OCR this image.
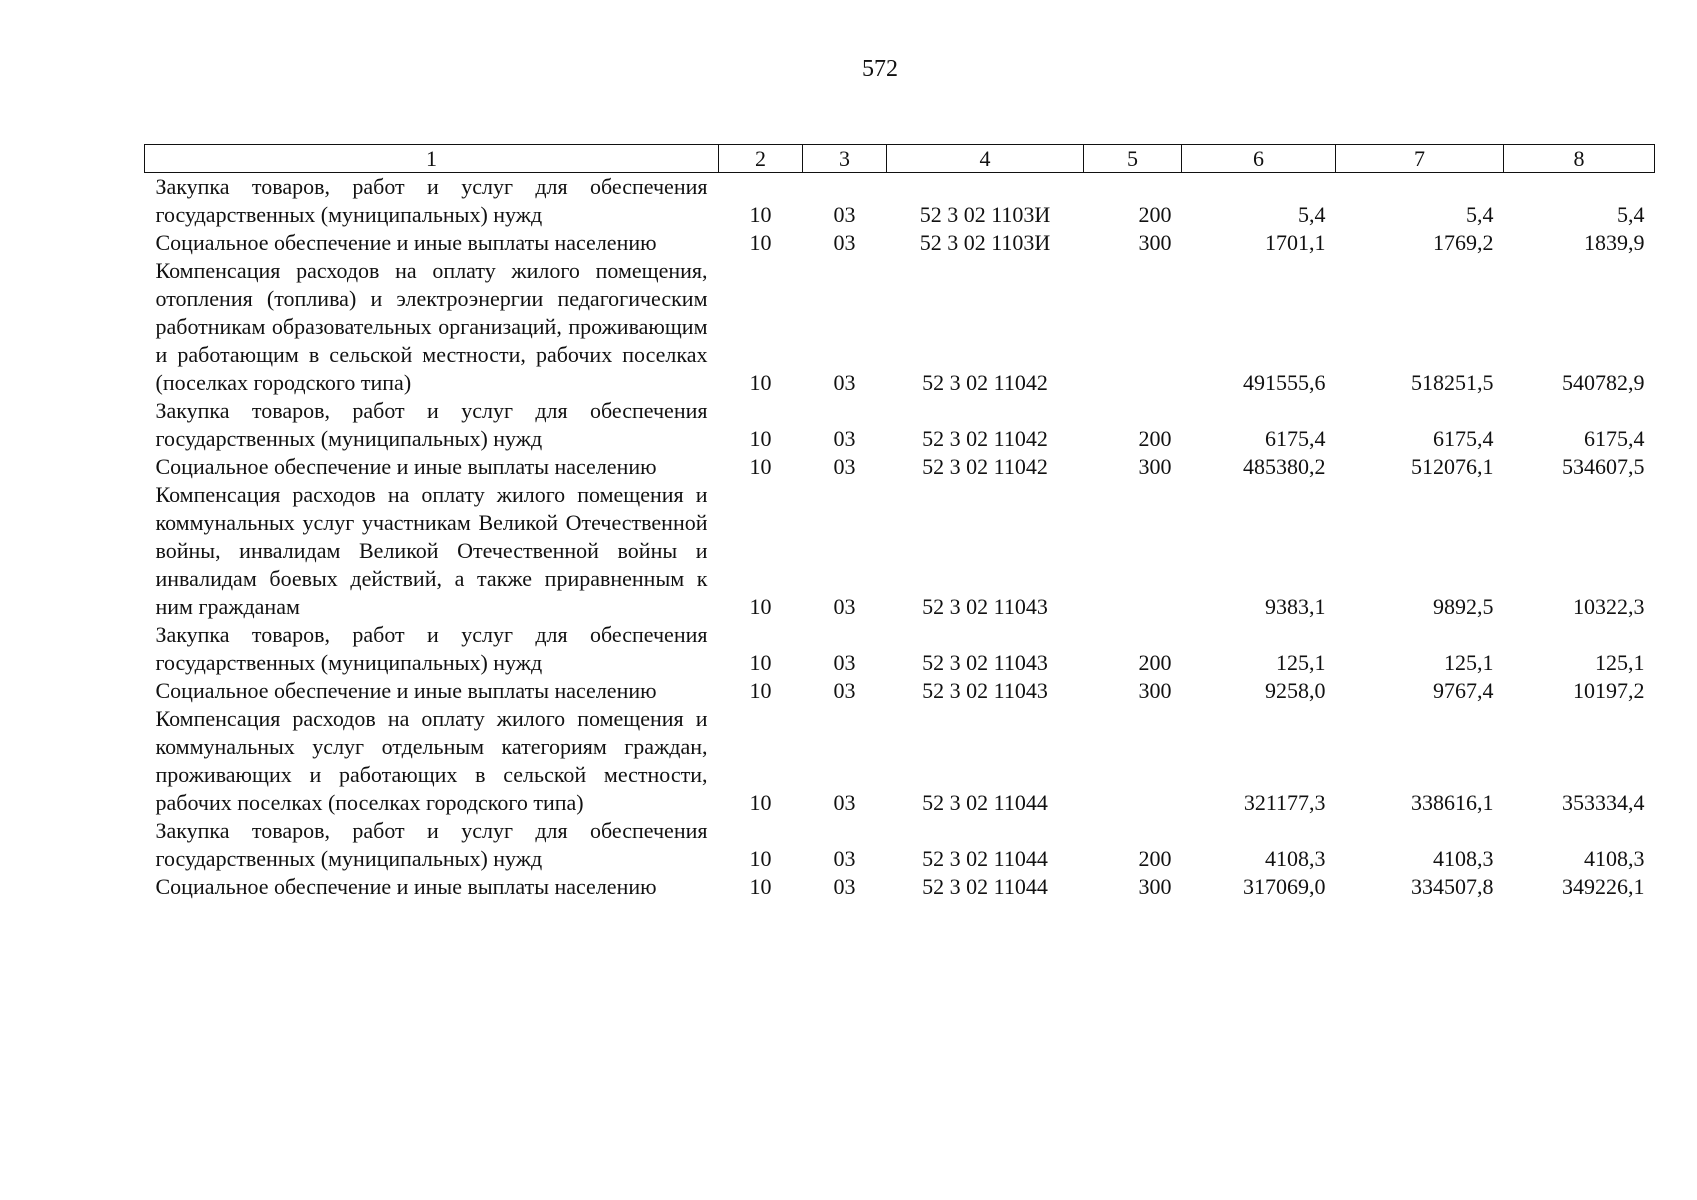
572
1	2	3	4	5	6	7	8
Закупка товаров, работ и услуг для обеспечения государственных (муниципальных) нужд	10	03	52 3 02 1103И	200	5,4	5,4	5,4
Социальное обеспечение и иные выплаты населению	10	03	52 3 02 1103И	300	1701,1	1769,2	1839,9
Компенсация расходов на оплату жилого помещения, отопления (топлива) и электроэнергии педагогическим работникам образовательных организаций, проживающим и работающим в сельской местности, рабочих поселках (поселках городского типа)	10	03	52 3 02 11042		491555,6	518251,5	540782,9
Закупка товаров, работ и услуг для обеспечения государственных (муниципальных) нужд	10	03	52 3 02 11042	200	6175,4	6175,4	6175,4
Социальное обеспечение и иные выплаты населению	10	03	52 3 02 11042	300	485380,2	512076,1	534607,5
Компенсация расходов на оплату жилого помещения и коммунальных услуг участникам Великой Отечественной войны, инвалидам Великой Отечественной войны и инвалидам боевых действий, а также приравненным к ним гражданам	10	03	52 3 02 11043		9383,1	9892,5	10322,3
Закупка товаров, работ и услуг для обеспечения государственных (муниципальных) нужд	10	03	52 3 02 11043	200	125,1	125,1	125,1
Социальное обеспечение и иные выплаты населению	10	03	52 3 02 11043	300	9258,0	9767,4	10197,2
Компенсация расходов на оплату жилого помещения и коммунальных услуг отдельным категориям граждан, проживающих и работающих в сельской местности, рабочих поселках (поселках городского типа)	10	03	52 3 02 11044		321177,3	338616,1	353334,4
Закупка товаров, работ и услуг для обеспечения государственных (муниципальных) нужд	10	03	52 3 02 11044	200	4108,3	4108,3	4108,3
Социальное обеспечение и иные выплаты населению	10	03	52 3 02 11044	300	317069,0	334507,8	349226,1
